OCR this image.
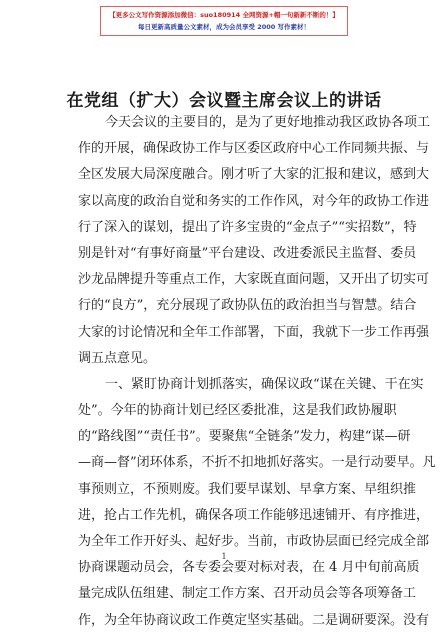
【更多公文写作资源添加微信：suo180914 全网资源+帽一句新新不断的！】
每日更新高质量公文素材，成为会员享受 2000 写作素材！
在党组（扩大）会议暨主席会议上的讲话
今天会议的主要目的，是为了更好地推动我区政协各项工
作的开展，确保政协工作与区委区政府中心工作同频共振、与
全区发展大局深度融合。刚才听了大家的汇报和建议，感到大
家以高度的政治自觉和务实的工作作风，对今年的政协工作进
行了深入的谋划，提出了许多宝贵的“金点子”“实招数”，特
别是针对“有事好商量”平台建设、改进委派民主监督、委员
沙龙品牌提升等重点工作，大家既直面问题，又开出了切实可
行的“良方”，充分展现了政协队伍的政治担当与智慧。结合
大家的讨论情况和全年工作部署，下面，我就下一步工作再强
调五点意见。
一、紧盯协商计划抓落实，确保议政“谋在关键、干在实
处”。今年的协商计划已经区委批准，这是我们政协履职
的“路线图”“责任书”。要聚焦“全链条”发力，构建“谋—研
—商—督”闭环体系，不折不扣地抓好落实。一是行动要早。凡
事预则立，不预则废。我们要早谋划、早拿方案、早组织推
进，抢占工作先机，确保各项工作能够迅速铺开、有序推进，
为全年工作开好头、起好步。当前，市政协层面已经完成全部
协商课题动员会，各专委会要对标对表，在 4 月中旬前高质
量完成队伍组建、制定工作方案、召开动员会等各项筹备工
作，为全年协商议政工作奠定坚实基础。二是调研要深。没有
1
